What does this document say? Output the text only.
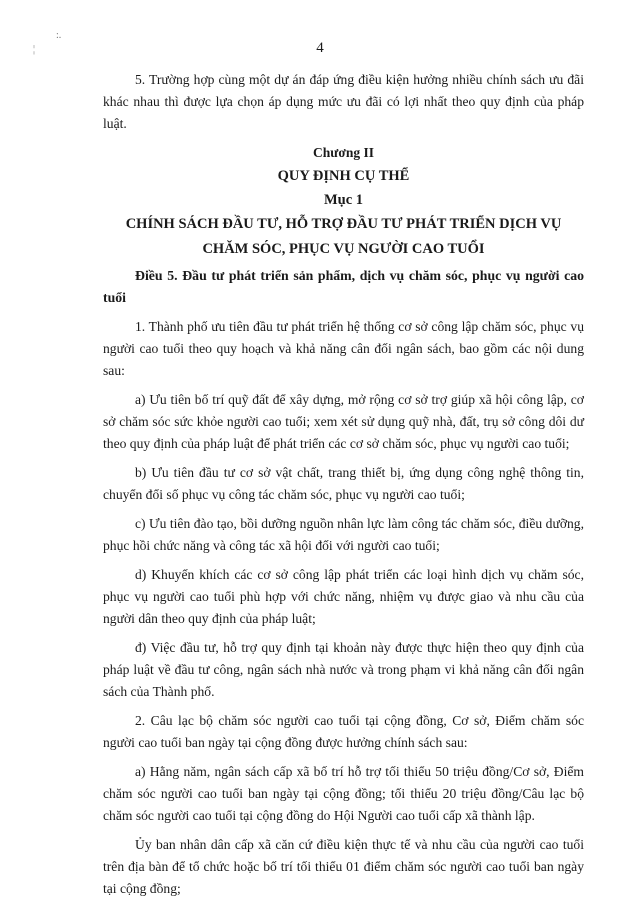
:.
¦	4

5. Trường hợp cùng một dự án đáp ứng điều kiện hưởng nhiều chính sách ưu đãi khác nhau thì được lựa chọn áp dụng mức ưu đãi có lợi nhất theo quy định của pháp luật.

Chương II

QUY ĐỊNH CỤ THỂ

Mục 1

CHÍNH SÁCH ĐẦU TƯ, HỖ TRỢ ĐẦU TƯ PHÁT TRIỂN DỊCH VỤ CHĂM SÓC, PHỤC VỤ NGƯỜI CAO TUỔI

Điều 5. Đầu tư phát triển sản phẩm, dịch vụ chăm sóc, phục vụ người cao tuổi

1. Thành phố ưu tiên đầu tư phát triển hệ thống cơ sở công lập chăm sóc, phục vụ người cao tuổi theo quy hoạch và khả năng cân đối ngân sách, bao gồm các nội dung sau:

a) Ưu tiên bố trí quỹ đất để xây dựng, mở rộng cơ sở trợ giúp xã hội công lập, cơ sở chăm sóc sức khỏe người cao tuổi; xem xét sử dụng quỹ nhà, đất, trụ sở công dôi dư theo quy định của pháp luật để phát triển các cơ sở chăm sóc, phục vụ người cao tuổi;

b) Ưu tiên đầu tư cơ sở vật chất, trang thiết bị, ứng dụng công nghệ thông tin, chuyển đổi số phục vụ công tác chăm sóc, phục vụ người cao tuổi;

c) Ưu tiên đào tạo, bồi dưỡng nguồn nhân lực làm công tác chăm sóc, điều dưỡng, phục hồi chức năng và công tác xã hội đối với người cao tuổi;

d) Khuyến khích các cơ sở công lập phát triển các loại hình dịch vụ chăm sóc, phục vụ người cao tuổi phù hợp với chức năng, nhiệm vụ được giao và nhu cầu của người dân theo quy định của pháp luật;

đ) Việc đầu tư, hỗ trợ quy định tại khoản này được thực hiện theo quy định của pháp luật về đầu tư công, ngân sách nhà nước và trong phạm vi khả năng cân đối ngân sách của Thành phố.

2. Câu lạc bộ chăm sóc người cao tuổi tại cộng đồng, Cơ sở, Điểm chăm sóc người cao tuổi ban ngày tại cộng đồng được hưởng chính sách sau:

a) Hằng năm, ngân sách cấp xã bố trí hỗ trợ tối thiểu 50 triệu đồng/Cơ sở, Điểm chăm sóc người cao tuổi ban ngày tại cộng đồng; tối thiểu 20 triệu đồng/Câu lạc bộ chăm sóc người cao tuổi tại cộng đồng do Hội Người cao tuổi cấp xã thành lập.

Ủy ban nhân dân cấp xã căn cứ điều kiện thực tế và nhu cầu của người cao tuổi trên địa bàn để tổ chức hoặc bố trí tối thiểu 01 điểm chăm sóc người cao tuổi ban ngày tại cộng đồng;
